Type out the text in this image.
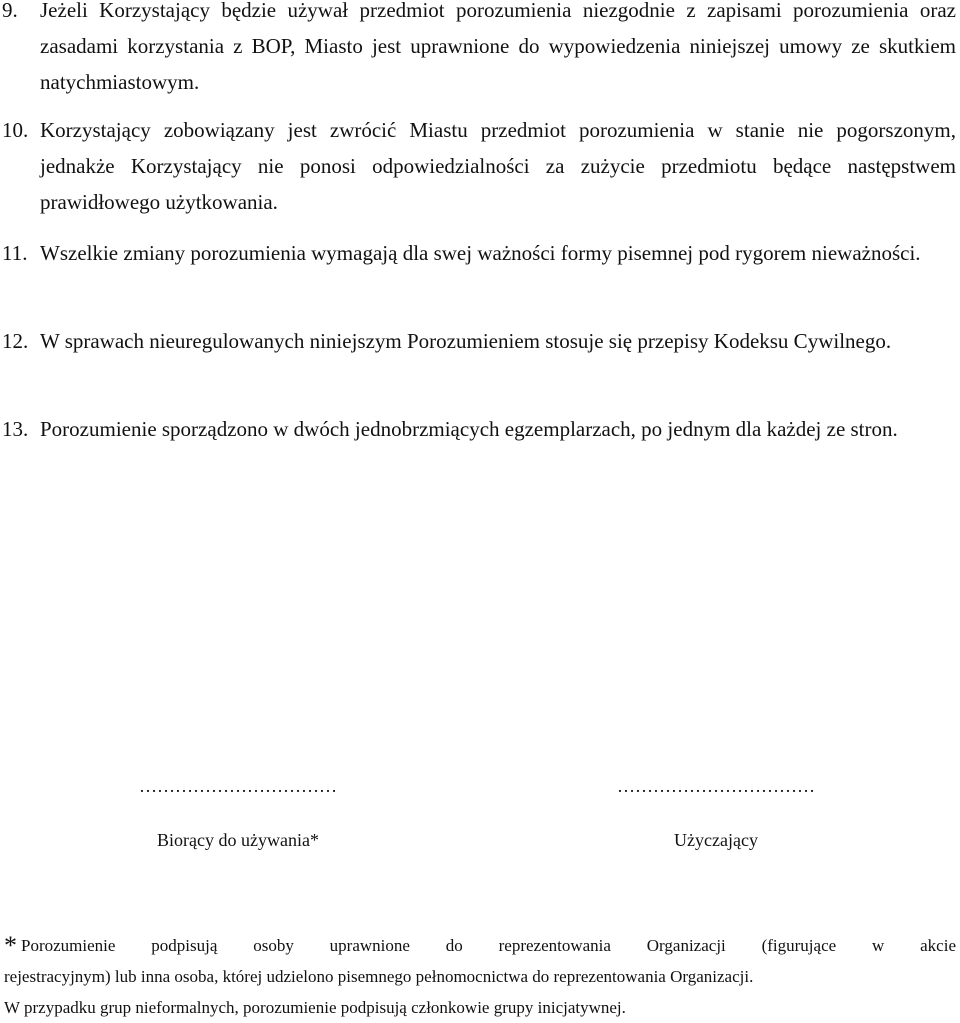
9. Jeżeli Korzystający będzie używał przedmiot porozumienia niezgodnie z zapisami porozumienia oraz zasadami korzystania z BOP, Miasto jest uprawnione do wypowiedzenia niniejszej umowy ze skutkiem natychmiastowym.
10. Korzystający zobowiązany jest zwrócić Miastu przedmiot porozumienia w stanie nie pogorszonym, jednakże Korzystający nie ponosi odpowiedzialności za zużycie przedmiotu będące następstwem prawidłowego użytkowania.
11. Wszelkie zmiany porozumienia wymagają dla swej ważności formy pisemnej pod rygorem nieważności.
12. W sprawach nieuregulowanych niniejszym Porozumieniem stosuje się przepisy Kodeksu Cywilnego.
13. Porozumienie sporządzono w dwóch jednobrzmiących egzemplarzach, po jednym dla każdej ze stron.
……………………………
Biorący do używania*
……………………………
Użyczający
* Porozumienie podpisują osoby uprawnione do reprezentowania Organizacji (figurujące w akcie
rejestracyjnym) lub inna osoba, której udzielono pisemnego pełnomocnictwa do reprezentowania Organizacji.
W przypadku grup nieformalnych, porozumienie podpisują członkowie grupy inicjatywnej.
